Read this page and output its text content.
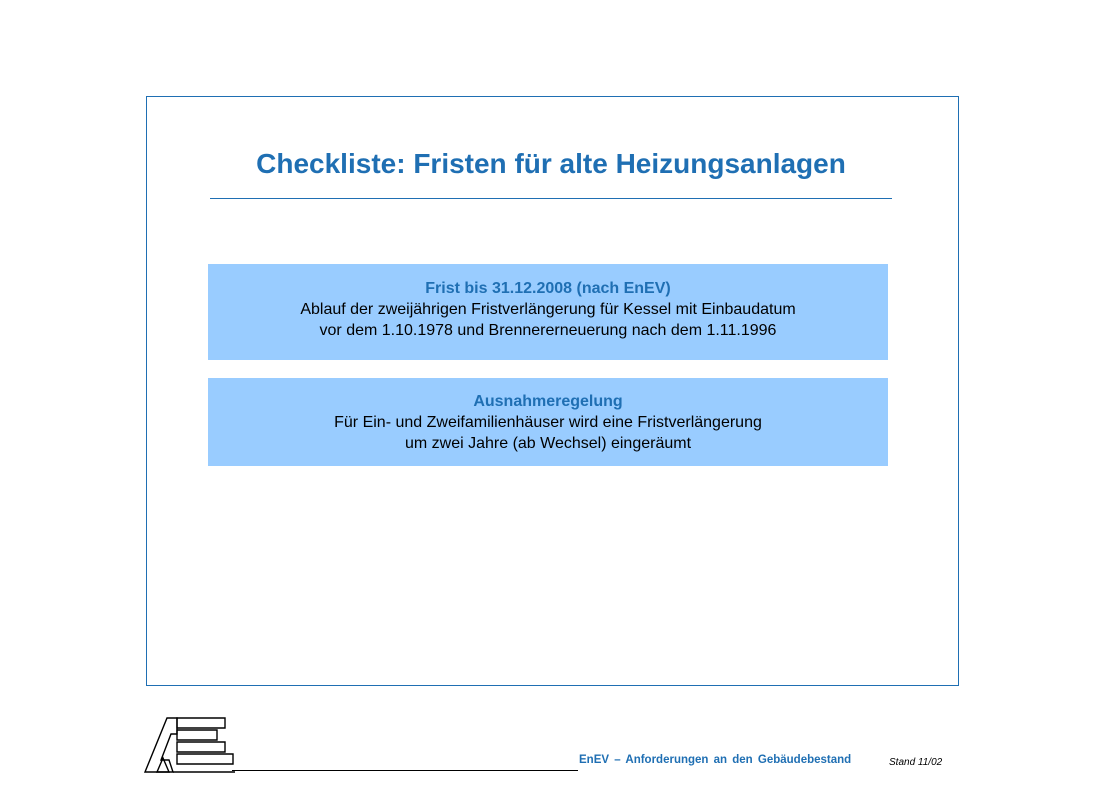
Checkliste: Fristen für alte Heizungsanlagen
Frist bis 31.12.2008 (nach EnEV)
Ablauf der zweijährigen Fristverlängerung für Kessel mit Einbaudatum
vor dem 1.10.1978 und Brennererneuerung nach dem 1.11.1996
Ausnahmeregelung
Für Ein- und Zweifamilienhäuser wird eine Fristverlängerung
um zwei Jahre (ab Wechsel) eingeräumt
EnEV – Anforderungen an den Gebäudebestand	Stand 11/02
